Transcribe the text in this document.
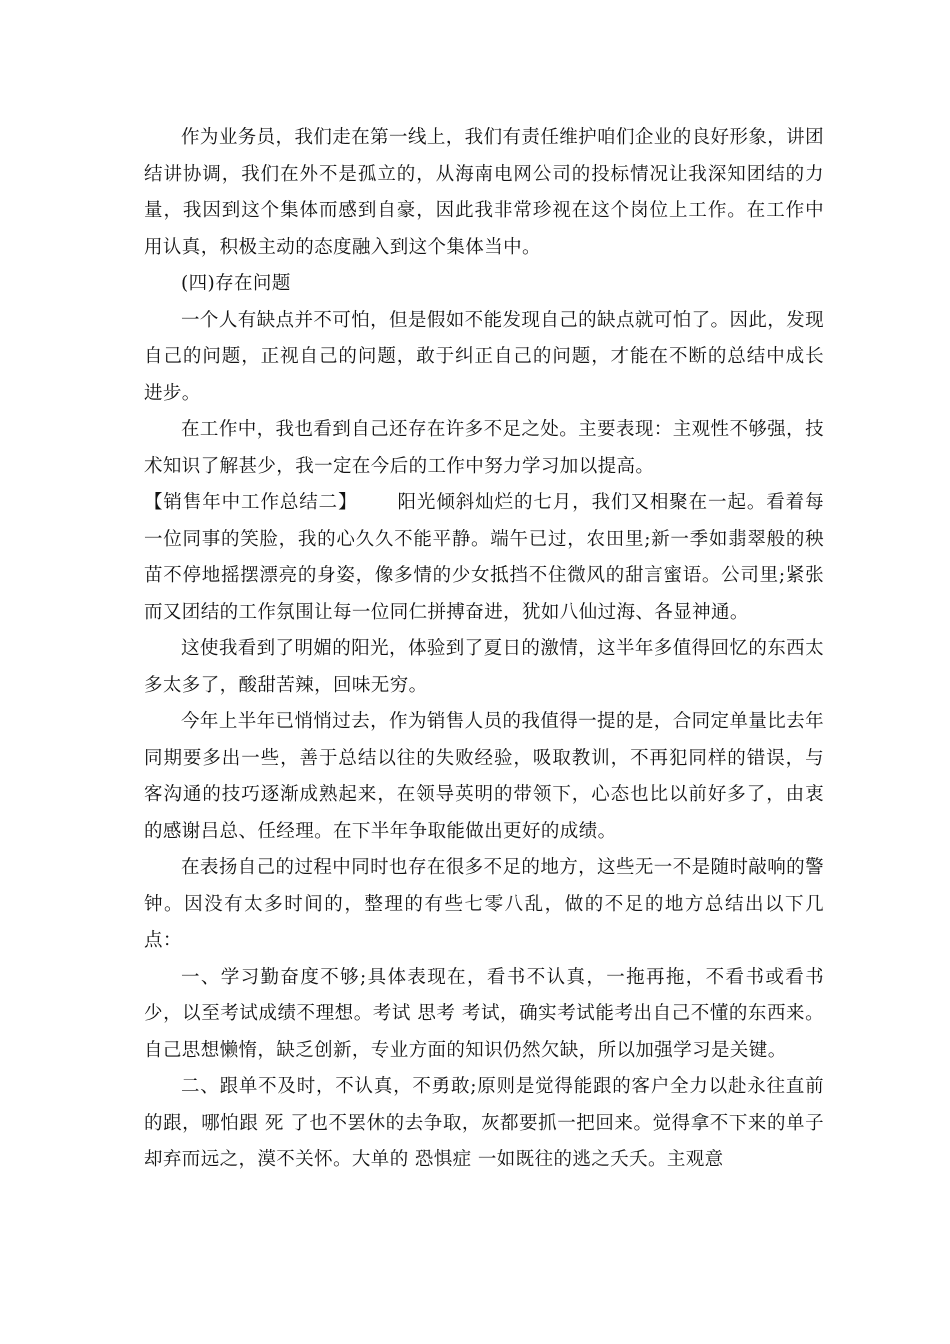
作为业务员，我们走在第一线上，我们有责任维护咱们企业的良好形象，讲团结讲协调，我们在外不是孤立的，从海南电网公司的投标情况让我深知团结的力量，我因到这个集体而感到自豪，因此我非常珍视在这个岗位上工作。在工作中用认真，积极主动的态度融入到这个集体当中。

(四)存在问题

一个人有缺点并不可怕，但是假如不能发现自己的缺点就可怕了。因此，发现自己的问题，正视自己的问题，敢于纠正自己的问题，才能在不断的总结中成长进步。

在工作中，我也看到自己还存在许多不足之处。主要表现：主观性不够强，技术知识了解甚少，我一定在今后的工作中努力学习加以提高。

【销售年中工作总结二】 阳光倾斜灿烂的七月，我们又相聚在一起。看着每一位同事的笑脸，我的心久久不能平静。端午已过，农田里;新一季如翡翠般的秧苗不停地摇摆漂亮的身姿，像多情的少女抵挡不住微风的甜言蜜语。公司里;紧张而又团结的工作氛围让每一位同仁拼搏奋进，犹如八仙过海、各显神通。

这使我看到了明媚的阳光，体验到了夏日的激情，这半年多值得回忆的东西太多太多了，酸甜苦辣，回味无穷。

今年上半年已悄悄过去，作为销售人员的我值得一提的是，合同定单量比去年同期要多出一些，善于总结以往的失败经验，吸取教训，不再犯同样的错误，与客沟通的技巧逐渐成熟起来，在领导英明的带领下，心态也比以前好多了，由衷的感谢吕总、任经理。在下半年争取能做出更好的成绩。

在表扬自己的过程中同时也存在很多不足的地方，这些无一不是随时敲响的警钟。因没有太多时间的，整理的有些七零八乱，做的不足的地方总结出以下几点：

一、学习勤奋度不够;具体表现在，看书不认真，一拖再拖，不看书或看书少，以至考试成绩不理想。考试 思考 考试，确实考试能考出自己不懂的东西来。自己思想懒惰，缺乏创新，专业方面的知识仍然欠缺，所以加强学习是关键。

二、跟单不及时，不认真，不勇敢;原则是觉得能跟的客户全力以赴永往直前的跟，哪怕跟 死 了也不罢休的去争取，灰都要抓一把回来。觉得拿不下来的单子却弃而远之，漠不关怀。大单的 恐惧症 一如既往的逃之夭夭。主观意
